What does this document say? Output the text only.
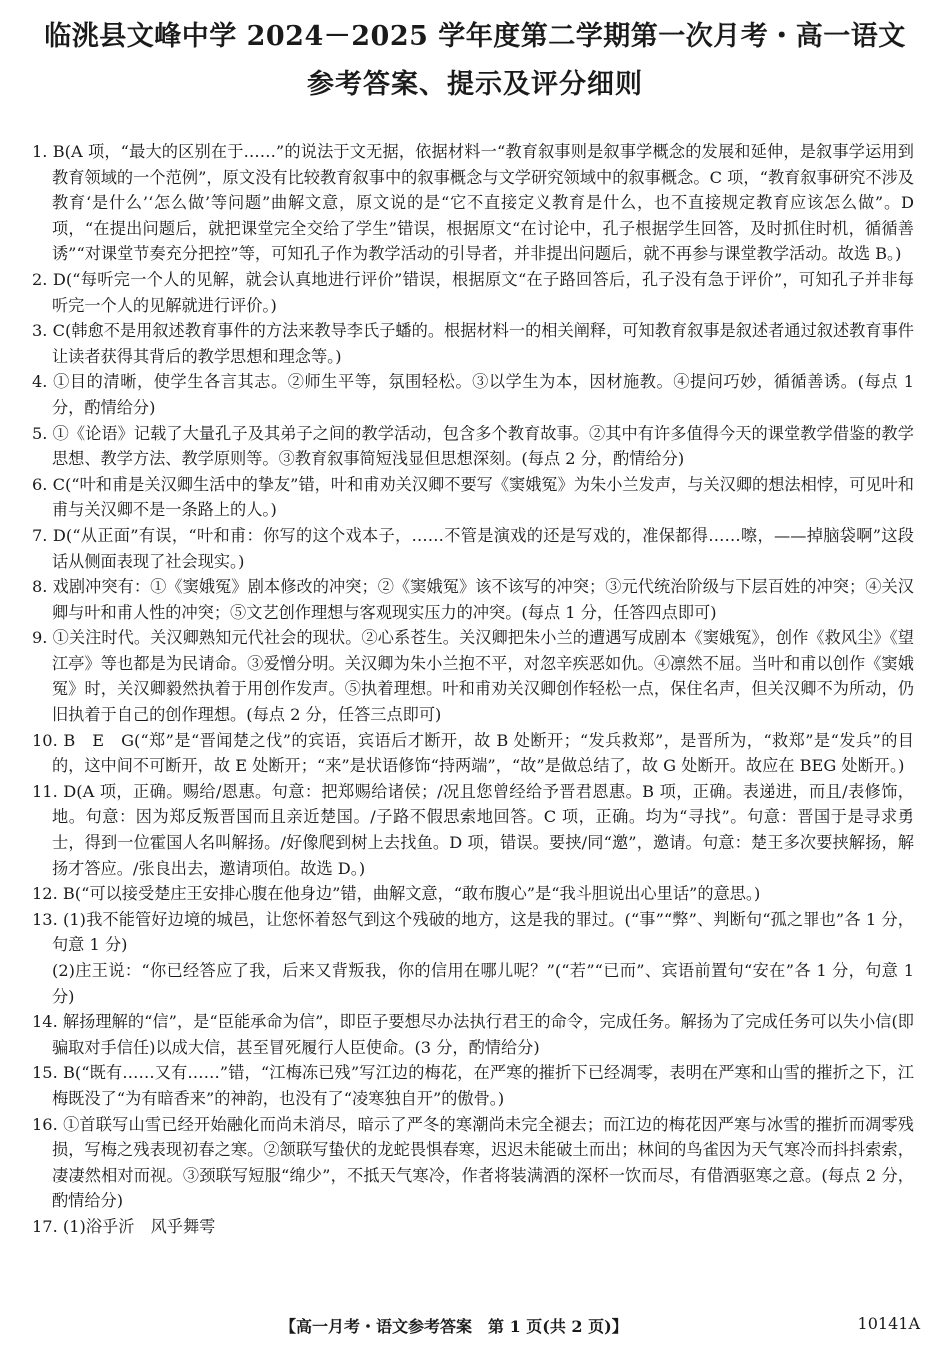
临洮县文峰中学 2024－2025 学年度第二学期第一次月考・高一语文
参考答案、提示及评分细则

1. B(A 项，“最大的区别在于……”的说法于文无据，依据材料一“教育叙事则是叙事学概念的发展和延伸，是叙事学运用到教育领域的一个范例”，原文没有比较教育叙事中的叙事概念与文学研究领域中的叙事概念。C 项，“教育叙事研究不涉及教育‘是什么’‘怎么做’等问题”曲解文意，原文说的是“它不直接定义教育是什么，也不直接规定教育应该怎么做”。D 项，“在提出问题后，就把课堂完全交给了学生”错误，根据原文“在讨论中，孔子根据学生回答，及时抓住时机，循循善诱”“对课堂节奏充分把控”等，可知孔子作为教学活动的引导者，并非提出问题后，就不再参与课堂教学活动。故选 B。)

2. D(“每听完一个人的见解，就会认真地进行评价”错误，根据原文“在子路回答后，孔子没有急于评价”，可知孔子并非每听完一个人的见解就进行评价。)

3. C(韩愈不是用叙述教育事件的方法来教导李氏子蟠的。根据材料一的相关阐释，可知教育叙事是叙述者通过叙述教育事件让读者获得其背后的教学思想和理念等。)

4. ①目的清晰，使学生各言其志。②师生平等，氛围轻松。③以学生为本，因材施教。④提问巧妙，循循善诱。(每点 1 分，酌情给分)

5. ①《论语》记载了大量孔子及其弟子之间的教学活动，包含多个教育故事。②其中有许多值得今天的课堂教学借鉴的教学思想、教学方法、教学原则等。③教育叙事简短浅显但思想深刻。(每点 2 分，酌情给分)

6. C(“叶和甫是关汉卿生活中的挚友”错，叶和甫劝关汉卿不要写《窦娥冤》为朱小兰发声，与关汉卿的想法相悖，可见叶和甫与关汉卿不是一条路上的人。)

7. D(“从正面”有误，“叶和甫：你写的这个戏本子，……不管是演戏的还是写戏的，准保都得……嚓，——掉脑袋啊”这段话从侧面表现了社会现实。)

8. 戏剧冲突有：①《窦娥冤》剧本修改的冲突；②《窦娥冤》该不该写的冲突；③元代统治阶级与下层百姓的冲突；④关汉卿与叶和甫人性的冲突；⑤文艺创作理想与客观现实压力的冲突。(每点 1 分，任答四点即可)

9. ①关注时代。关汉卿熟知元代社会的现状。②心系苍生。关汉卿把朱小兰的遭遇写成剧本《窦娥冤》，创作《救风尘》《望江亭》等也都是为民请命。③爱憎分明。关汉卿为朱小兰抱不平，对忽辛疾恶如仇。④凛然不屈。当叶和甫以创作《窦娥冤》时，关汉卿毅然执着于用创作发声。⑤执着理想。叶和甫劝关汉卿创作轻松一点，保住名声，但关汉卿不为所动，仍旧执着于自己的创作理想。(每点 2 分，任答三点即可)

10. B　E　G(“郑”是“晋闻楚之伐”的宾语，宾语后才断开，故 B 处断开；“发兵救郑”，是晋所为，“救郑”是“发兵”的目的，这中间不可断开，故 E 处断开；“来”是状语修饰“持两端”，“故”是做总结了，故 G 处断开。故应在 BEG 处断开。)

11. D(A 项，正确。赐给/恩惠。句意：把郑赐给诸侯；/况且您曾经给予晋君恩惠。B 项，正确。表递进，而且/表修饰，地。句意：因为郑反叛晋国而且亲近楚国。/子路不假思索地回答。C 项，正确。均为“寻找”。句意：晋国于是寻求勇士，得到一位霍国人名叫解扬。/好像爬到树上去找鱼。D 项，错误。要挟/同“邀”，邀请。句意：楚王多次要挟解扬，解扬才答应。/张良出去，邀请项伯。故选 D。)

12. B(“可以接受楚庄王安排心腹在他身边”错，曲解文意，“敢布腹心”是“我斗胆说出心里话”的意思。)

13. (1)我不能管好边境的城邑，让您怀着怒气到这个残破的地方，这是我的罪过。(“事”“弊”、判断句“孤之罪也”各 1 分，句意 1 分)

(2)庄王说：“你已经答应了我，后来又背叛我，你的信用在哪儿呢？”(“若”“已而”、宾语前置句“安在”各 1 分，句意 1 分)

14. 解扬理解的“信”，是“臣能承命为信”，即臣子要想尽办法执行君王的命令，完成任务。解扬为了完成任务可以失小信(即骗取对手信任)以成大信，甚至冒死履行人臣使命。(3 分，酌情给分)

15. B(“既有……又有……”错，“江梅冻已残”写江边的梅花，在严寒的摧折下已经凋零，表明在严寒和山雪的摧折之下，江梅既没了“为有暗香来”的神韵，也没有了“凌寒独自开”的傲骨。)

16. ①首联写山雪已经开始融化而尚未消尽，暗示了严冬的寒潮尚未完全褪去；而江边的梅花因严寒与冰雪的摧折而凋零残损，写梅之残表现初春之寒。②颔联写蛰伏的龙蛇畏惧春寒，迟迟未能破土而出；林间的鸟雀因为天气寒冷而抖抖索索，凄凄然相对而视。③颈联写短服“绵少”，不抵天气寒冷，作者将装满酒的深杯一饮而尽，有借酒驱寒之意。(每点 2 分，酌情给分)

17. (1)浴乎沂　风乎舞雩

【高一月考・语文参考答案　第 1 页(共 2 页)】	10141A
